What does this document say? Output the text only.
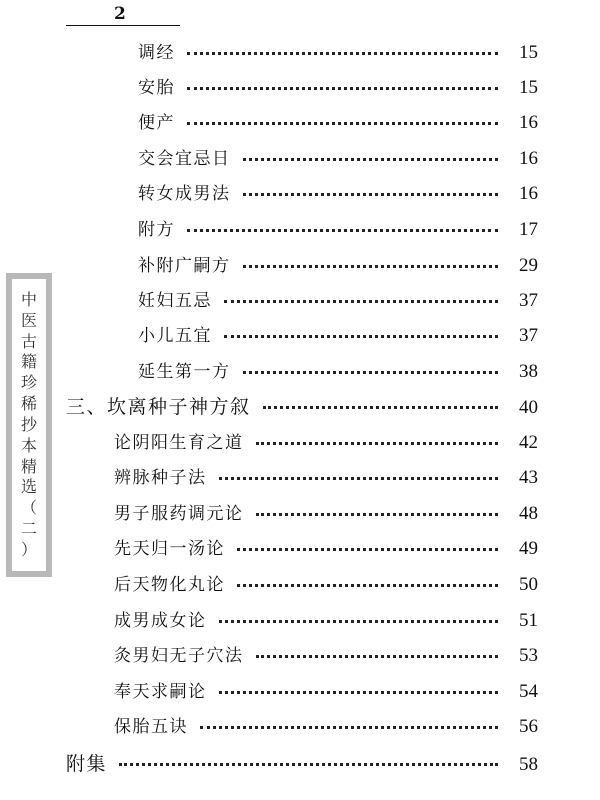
2
中
医
古
籍
珍
稀
抄
本
精
选
（
二
）
调经	15
安胎	15
便产	16
交会宜忌日	16
转女成男法	16
附方	17
补附广嗣方	29
妊妇五忌	37
小儿五宜	37
延生第一方	38
三、坎离种子神方叙	40
论阴阳生育之道	42
辨脉种子法	43
男子服药调元论	48
先天归一汤论	49
后天物化丸论	50
成男成女论	51
灸男妇无子穴法	53
奉天求嗣论	54
保胎五诀	56
附集	58
